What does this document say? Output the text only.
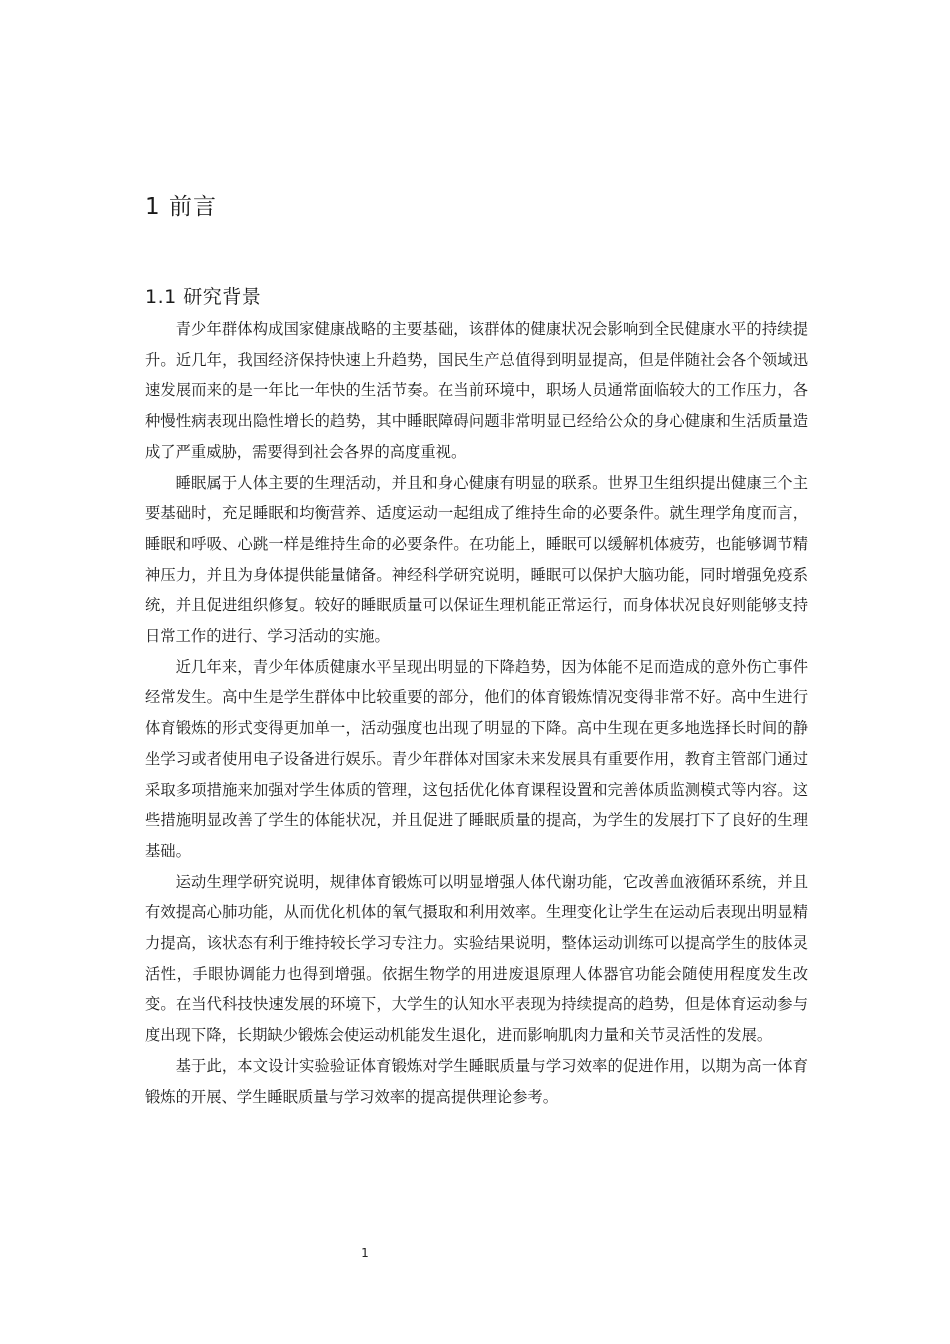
1 前言
1.1 研究背景

青少年群体构成国家健康战略的主要基础，该群体的健康状况会影响到全民健康水平的持续提升。近几年，我国经济保持快速上升趋势，国民生产总值得到明显提高，但是伴随社会各个领域迅速发展而来的是一年比一年快的生活节奏。在当前环境中，职场人员通常面临较大的工作压力，各种慢性病表现出隐性增长的趋势，其中睡眠障碍问题非常明显已经给公众的身心健康和生活质量造成了严重威胁，需要得到社会各界的高度重视。

睡眠属于人体主要的生理活动，并且和身心健康有明显的联系。世界卫生组织提出健康三个主要基础时，充足睡眠和均衡营养、适度运动一起组成了维持生命的必要条件。就生理学角度而言，睡眠和呼吸、心跳一样是维持生命的必要条件。在功能上，睡眠可以缓解机体疲劳，也能够调节精神压力，并且为身体提供能量储备。神经科学研究说明，睡眠可以保护大脑功能，同时增强免疫系统，并且促进组织修复。较好的睡眠质量可以保证生理机能正常运行，而身体状况良好则能够支持日常工作的进行、学习活动的实施。

近几年来，青少年体质健康水平呈现出明显的下降趋势，因为体能不足而造成的意外伤亡事件经常发生。高中生是学生群体中比较重要的部分，他们的体育锻炼情况变得非常不好。高中生进行体育锻炼的形式变得更加单一，活动强度也出现了明显的下降。高中生现在更多地选择长时间的静坐学习或者使用电子设备进行娱乐。青少年群体对国家未来发展具有重要作用，教育主管部门通过采取多项措施来加强对学生体质的管理，这包括优化体育课程设置和完善体质监测模式等内容。这些措施明显改善了学生的体能状况，并且促进了睡眠质量的提高，为学生的发展打下了良好的生理基础。

运动生理学研究说明，规律体育锻炼可以明显增强人体代谢功能，它改善血液循环系统，并且有效提高心肺功能，从而优化机体的氧气摄取和利用效率。生理变化让学生在运动后表现出明显精力提高，该状态有利于维持较长学习专注力。实验结果说明，整体运动训练可以提高学生的肢体灵活性，手眼协调能力也得到增强。依据生物学的用进废退原理人体器官功能会随使用程度发生改变。在当代科技快速发展的环境下，大学生的认知水平表现为持续提高的趋势，但是体育运动参与度出现下降，长期缺少锻炼会使运动机能发生退化，进而影响肌肉力量和关节灵活性的发展。

基于此，本文设计实验验证体育锻炼对学生睡眠质量与学习效率的促进作用，以期为高一体育锻炼的开展、学生睡眠质量与学习效率的提高提供理论参考。

1
